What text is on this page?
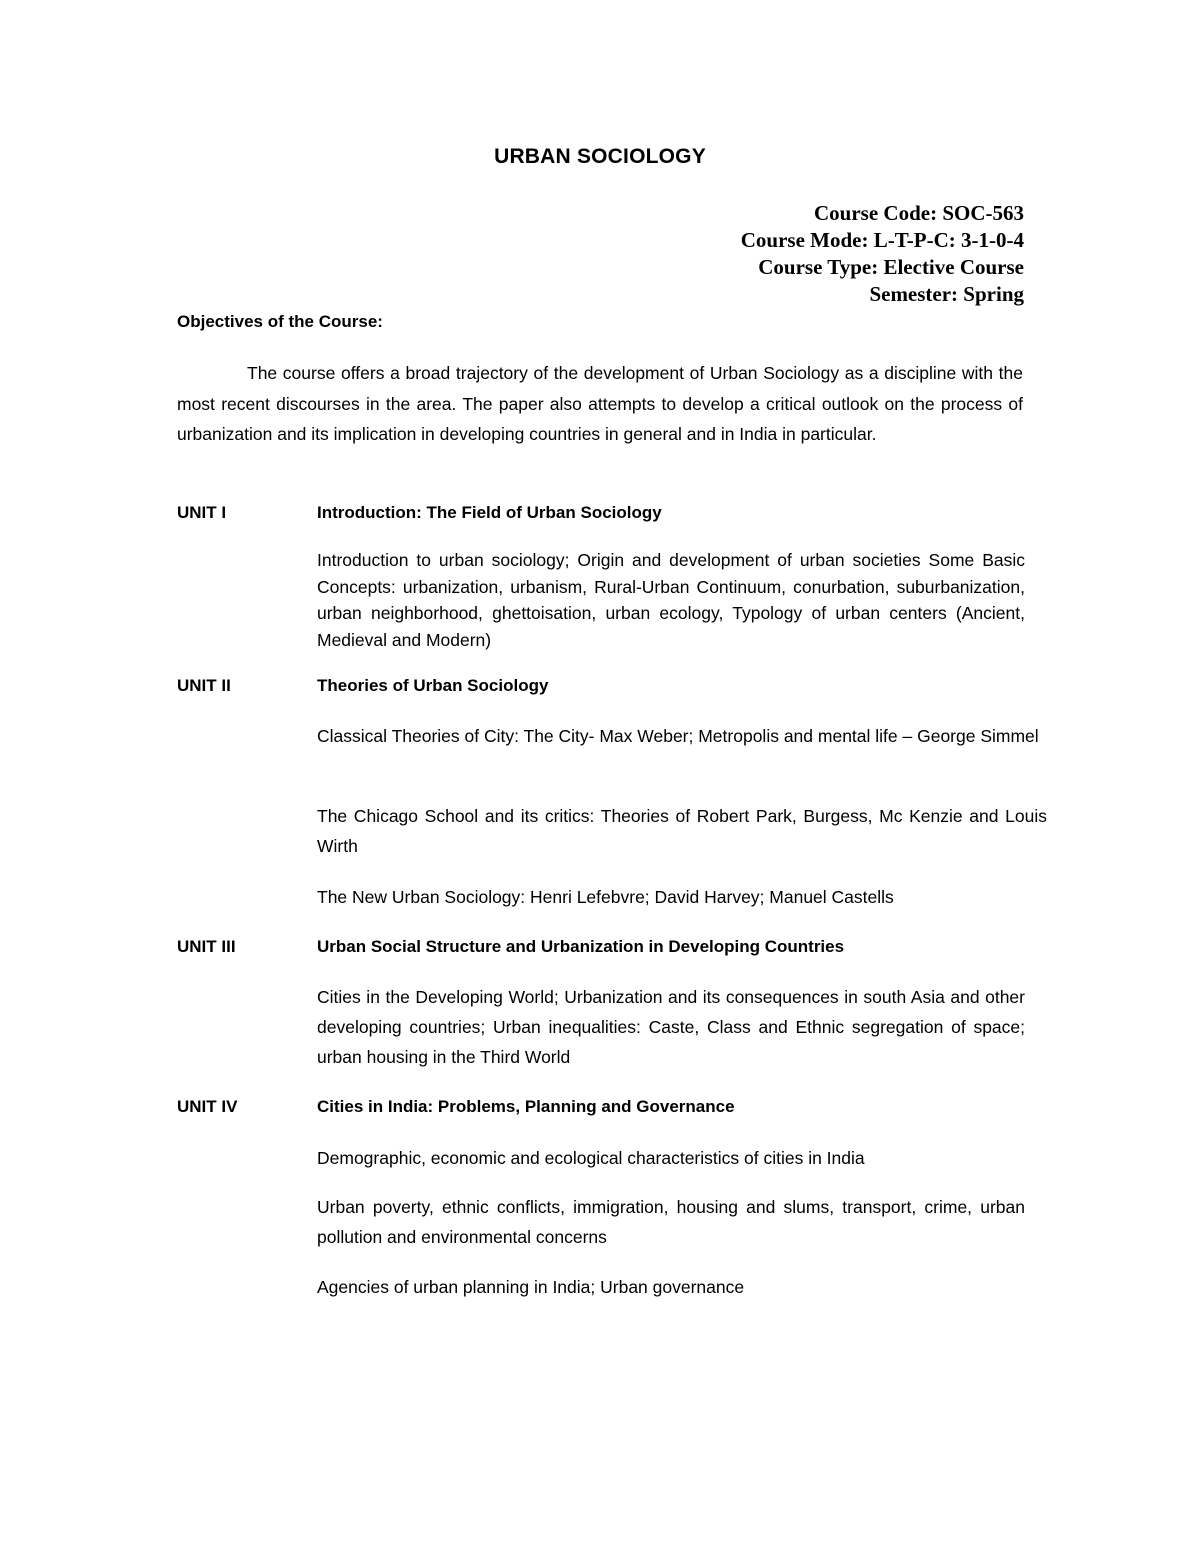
URBAN SOCIOLOGY
Course Code: SOC-563
Course Mode: L-T-P-C: 3-1-0-4
Course Type: Elective Course
Semester: Spring
Objectives of the Course:
The course offers a broad trajectory of the development of Urban Sociology as a discipline with the most recent discourses in the area. The paper also attempts to develop a critical outlook on the process of urbanization and its implication in developing countries in general and in India in particular.
UNIT I	Introduction: The Field of Urban Sociology
Introduction to urban sociology; Origin and development of urban societies Some Basic Concepts: urbanization, urbanism, Rural-Urban Continuum, conurbation, suburbanization, urban neighborhood, ghettoisation, urban ecology, Typology of urban centers (Ancient, Medieval and Modern)
UNIT II	Theories of Urban Sociology
Classical Theories of City: The City- Max Weber; Metropolis and mental life – George Simmel
The Chicago School and its critics: Theories of Robert Park, Burgess, Mc Kenzie and Louis Wirth
The New Urban Sociology: Henri Lefebvre; David Harvey; Manuel Castells
UNIT III	Urban Social Structure and Urbanization in Developing Countries
Cities in the Developing World; Urbanization and its consequences in south Asia and other developing countries; Urban inequalities: Caste, Class and Ethnic segregation of space; urban housing in the Third World
UNIT IV	Cities in India: Problems, Planning and Governance
Demographic, economic and ecological characteristics of cities in India
Urban poverty, ethnic conflicts, immigration, housing and slums, transport, crime, urban pollution and environmental concerns
Agencies of urban planning in India; Urban governance
